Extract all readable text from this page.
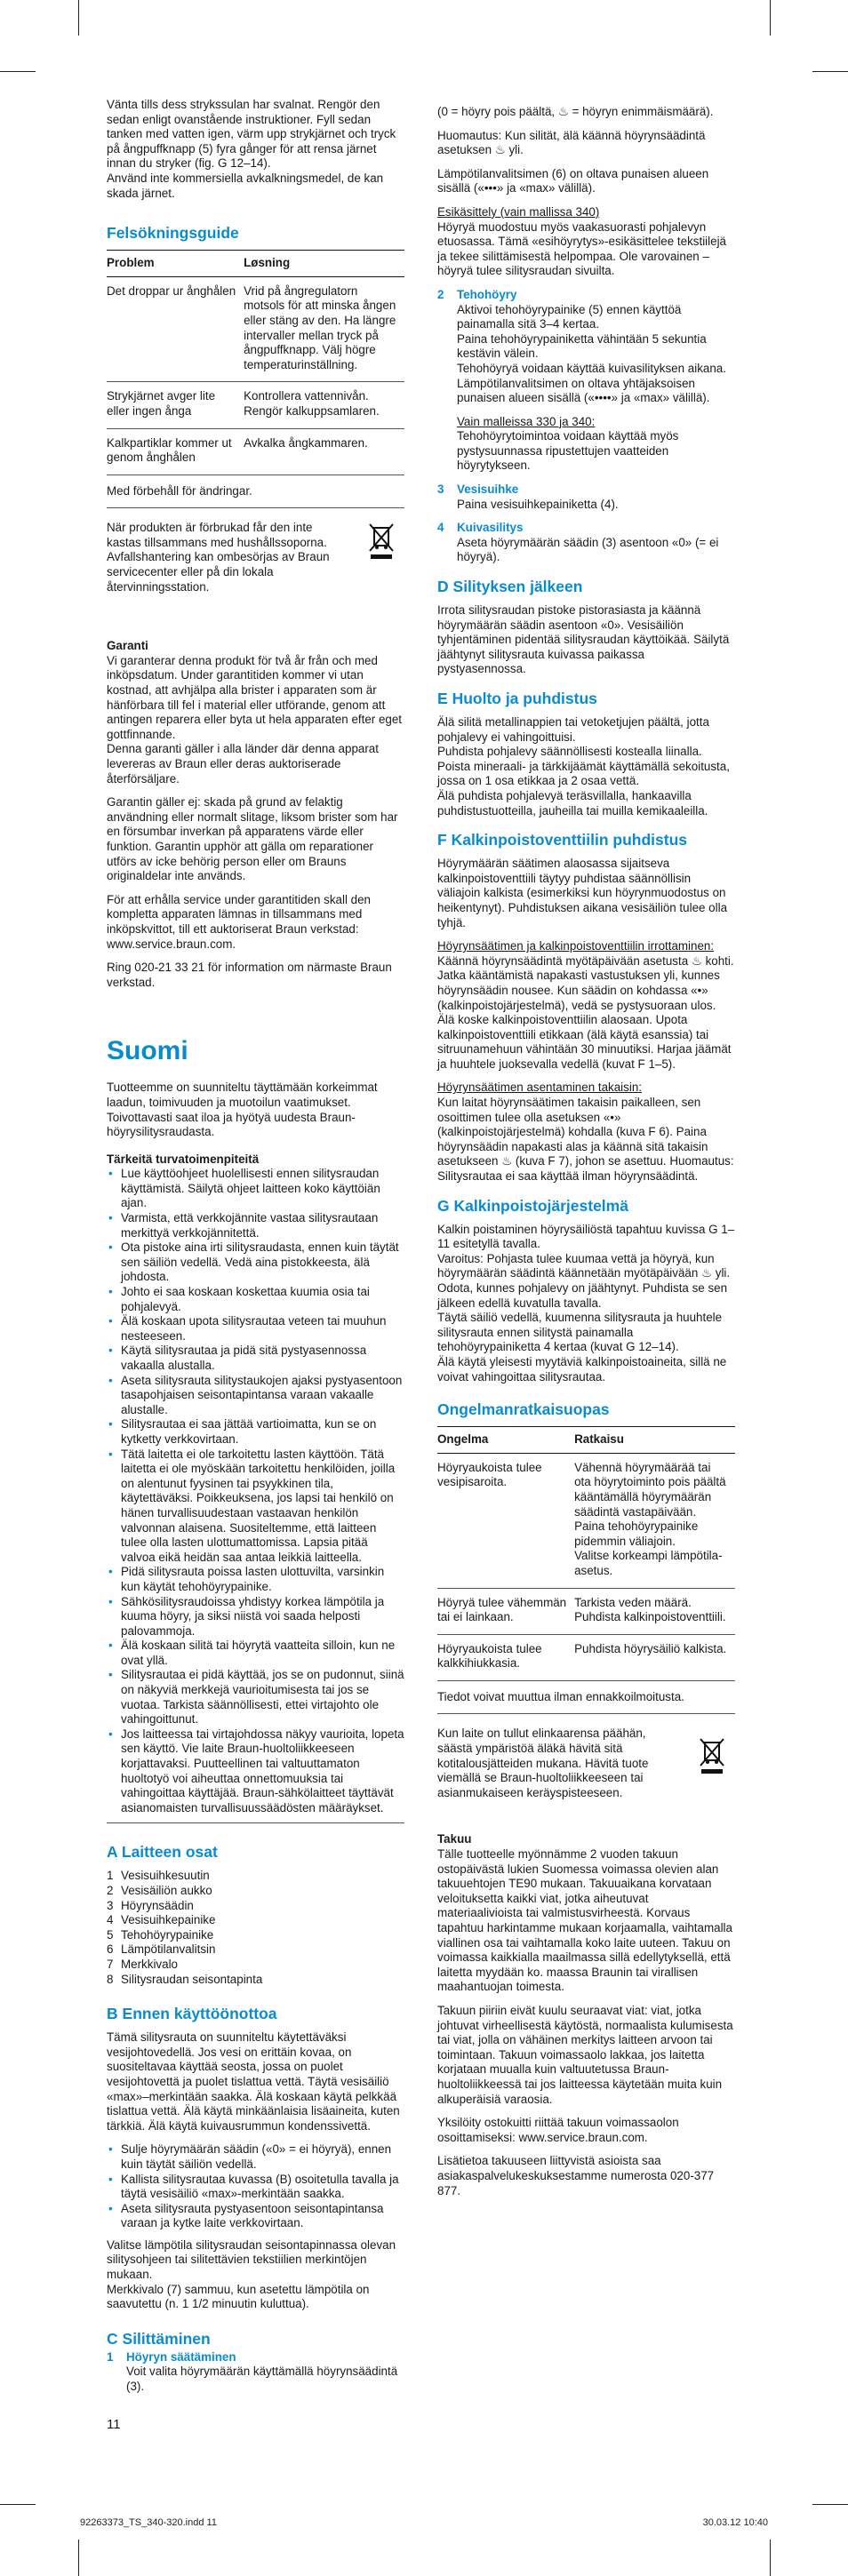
Vänta tills dess strykssulan har svalnat. Rengör den sedan enligt ovanstående instruktioner. Fyll sedan tanken med vatten igen, värm upp strykjärnet och tryck på ångpuffknapp (5) fyra gånger för att rensa järnet innan du stryker (fig. G 12–14).

Använd inte kommersiella avkalkningsmedel, de kan skada järnet.

Felsökningsguide
Problem	Løsning
Det droppar ur ånghålen	Vrid på ångregulatorn motsols för att minska ången eller stäng av den. Ha längre intervaller mellan tryck på ångpuffknapp. Välj högre temperaturinställning.
Strykjärnet avger lite eller ingen ånga	Kontrollera vattennivån. Rengör kalkuppsamlaren.
Kalkpartiklar kommer ut genom ånghålen	Avkalka ångkammaren.

Med förbehåll för ändringar.

När produkten är förbrukad får den inte kastas tillsammans med hushållssoporna. Avfallshantering kan ombesörjas av Braun servicecenter eller på din lokala återvinningsstation.

Garanti

Vi garanterar denna produkt för två år från och med inköpsdatum. Under garantitiden kommer vi utan kostnad, att avhjälpa alla brister i apparaten som är hänförbara till fel i material eller utförande, genom att antingen reparera eller byta ut hela apparaten efter eget gottfinnande.
Denna garanti gäller i alla länder där denna apparat levereras av Braun eller deras auktoriserade återförsäljare.

Garantin gäller ej: skada på grund av felaktig användning eller normalt slitage, liksom brister som har en försumbar inverkan på apparatens värde eller funktion. Garantin upphör att gälla om reparationer utförs av icke behörig person eller om Brauns originaldelar inte används.

För att erhålla service under garantitiden skall den kompletta apparaten lämnas in tillsammans med inköpskvittot, till ett auktoriserat Braun verkstad: www.service.braun.com.

Ring 020-21 33 21 för information om närmaste Braun verkstad.

Suomi

Tuotteemme on suunniteltu täyttämään korkeimmat laadun, toimivuuden ja muotoilun vaatimukset. Toivottavasti saat iloa ja hyötyä uudesta Braun-höyrysilitysraudasta.

Tärkeitä turvatoimenpiteitä
• Lue käyttöohjeet huolellisesti ennen silitysraudan käyttämistä. Säilytä ohjeet laitteen koko käyttöiän ajan.
• Varmista, että verkkojännite vastaa silitysrautaan merkittyä verkkojännitettä.
• Ota pistoke aina irti silitysraudasta, ennen kuin täytät sen säiliön vedellä. Vedä aina pistokkeesta, älä johdosta.
• Johto ei saa koskaan koskettaa kuumia osia tai pohjalevyä.
• Älä koskaan upota silitysrautaa veteen tai muuhun nesteeseen.
• Käytä silitysrautaa ja pidä sitä pystyasennossa vakaalla alustalla.
• Aseta silitysrauta silitystaukojen ajaksi pystyasentoon tasapohjaisen seisontapintansa varaan vakaalle alustalle.
• Silitysrautaa ei saa jättää vartioimatta, kun se on kytketty verkkovirtaan.
• Tätä laitetta ei ole tarkoitettu lasten käyttöön. Tätä laitetta ei ole myöskään tarkoitettu henkilöiden, joilla on alentunut fyysinen tai psyykkinen tila, käytettäväksi. Poikkeuksena, jos lapsi tai henkilö on hänen turvallisuudestaan vastaavan henkilön valvonnan alaisena. Suositeltemme, että laitteen tulee olla lasten ulottumattomissa. Lapsia pitää valvoa eikä heidän saa antaa leikkiä laitteella.
• Pidä silitysrauta poissa lasten ulottuvilta, varsinkin kun käytät tehohöyrypainike.
• Sähkösilitysraudoissa yhdistyy korkea lämpötila ja kuuma höyry, ja siksi niistä voi saada helposti palovammoja.
• Älä koskaan silitä tai höyrytä vaatteita silloin, kun ne ovat yllä.
• Silitysrautaa ei pidä käyttää, jos se on pudonnut, siinä on näkyviä merkkejä vaurioitumisesta tai jos se vuotaa. Tarkista säännöllisesti, ettei virtajohto ole vahingoittunut.
• Jos laitteessa tai virtajohdossa näkyy vaurioita, lopeta sen käyttö. Vie laite Braun-huoltoliikkeeseen korjattavaksi. Puutteellinen tai valtuuttamaton huoltotyö voi aiheuttaa onnettomuuksia tai vahingoittaa käyttäjää. Braun-sähkölaitteet täyttävät asianomaisten turvallisuussäädösten määräykset.
A Laitteen osat
1 Vesisuihkesuutin
2 Vesisäiliön aukko
3 Höyrynsäädin
4 Vesisuihkepainike
5 Tehohöyrypainike
6 Lämpötilanvalitsin
7 Merkkivalo
8 Silitysraudan seisontapinta
B Ennen käyttöönottoa

Tämä silitysrauta on suunniteltu käytettäväksi vesijohtovedellä. Jos vesi on erittäin kovaa, on suositeltavaa käyttää seosta, jossa on puolet vesijohtovettä ja puolet tislattua vettä. Täytä vesisäiliö «max»–merkintään saakka. Älä koskaan käytä pelkkää tislattua vettä. Älä käytä minkäänlaisia lisäaineita, kuten tärkkiä. Älä käytä kuivausrummun kondenssivettä.

• Sulje höyrymäärän säädin («0» = ei höyryä), ennen kuin täytät säiliön vedellä.
• Kallista silitysrautaa kuvassa (B) osoitetulla tavalla ja täytä vesisäiliö «max»-merkintään saakka.
• Aseta silitysrauta pystyasentoon seisontapintansa varaan ja kytke laite verkkovirtaan.

Valitse lämpötila silitysraudan seisontapinnassa olevan silitysohjeen tai silitettävien tekstiilien merkintöjen mukaan.
Merkkivalo (7) sammuu, kun asetettu lämpötila on saavutettu (n. 1 1/2 minuutin kuluttua).

C Silittäminen
1 Höyryn säätäminen

Voit valita höyrymäärän käyttämällä höyrynsäädintä (3).

11

(0 = höyry pois päältä, ♨ = höyryn enimmäismäärä).

Huomautus: Kun silität, älä käännä höyrynsäädintä asetuksen ♨ yli.

Lämpötilanvalitsimen (6) on oltava punaisen alueen sisällä («•••» ja «max» välillä).

Esikäsittely (vain mallissa 340)

Höyryä muodostuu myös vaakasuorasti pohjalevyn etuosassa. Tämä «esihöyrytys»-esikäsittelee tekstiilejä ja tekee silittämisestä helpompaa. Ole varovainen – höyryä tulee silitysraudan sivuilta.

2 Tehohöyry

Aktivoi tehohöyrypainike (5) ennen käyttöä painamalla sitä 3–4 kertaa.
Paina tehohöyrypainiketta vähintään 5 sekuntia kestävin välein.
Tehohöyryä voidaan käyttää kuivasilityksen aikana.
Lämpötilanvalitsimen on oltava yhtäjaksoisen punaisen alueen sisällä («••••» ja «max» välillä).

Vain malleissa 330 ja 340:

Tehohöyrytoimintoa voidaan käyttää myös pystysuunnassa ripustettujen vaatteiden höyrytykseen.

3 Vesisuihke

Paina vesisuihkepainiketta (4).

4 Kuivasilitys

Aseta höyrymäärän säädin (3) asentoon «0» (= ei höyryä).

D Silityksen jälkeen

Irrota silitysraudan pistoke pistorasiasta ja käännä höyrymäärän säädin asentoon «0». Vesisäiliön tyhjentäminen pidentää silitysraudan käyttöikää. Säilytä jäähtynyt silitysrauta kuivassa paikassa pystyasennossa.

E Huolto ja puhdistus

Älä silitä metallinappien tai vetoketjujen päältä, jotta pohjalevy ei vahingoittuisi.
Puhdista pohjalevy säännöllisesti kostealla liinalla. Poista mineraali- ja tärkkijäämät käyttämällä sekoitusta, jossa on 1 osa etikkaa ja 2 osaa vettä.
Älä puhdista pohjalevyä teräsvillalla, hankaavilla puhdistustuotteilla, jauheilla tai muilla kemikaaleilla.

F Kalkinpoistoventtiilin puhdistus

Höyrymäärän säätimen alaosassa sijaitseva kalkinpoistoventtiili täytyy puhdistaa säännöllisin väliajoin kalkista (esimerkiksi kun höyrynmuodostus on heikentynyt). Puhdistuksen aikana vesisäiliön tulee olla tyhjä.

Höyrynsäätimen ja kalkinpoistoventtiilin irrottaminen:

Käännä höyrynsäädintä myötäpäivään asetusta ♨ kohti. Jatka kääntämistä napakasti vastustuksen yli, kunnes höyrynsäädin nousee. Kun säädin on kohdassa «•» (kalkinpoistojärjestelmä), vedä se pystysuoraan ulos. Älä koske kalkinpoistoventtiilin alaosaan. Upota kalkinpoistoventtiili etikkaan (älä käytä esanssia) tai sitruunamehuun vähintään 30 minuutiksi. Harjaa jäämät ja huuhtele juoksevalla vedellä (kuvat F 1–5).

Höyrynsäätimen asentaminen takaisin:

Kun laitat höyrynsäätimen takaisin paikalleen, sen osoittimen tulee olla asetuksen «•» (kalkinpoistojärjestelmä) kohdalla (kuva F 6). Paina höyrynsäädin napakasti alas ja käännä sitä takaisin asetukseen ♨ (kuva F 7), johon se asettuu. Huomautus: Silitysrautaa ei saa käyttää ilman höyrynsäädintä.

G Kalkinpoistojärjestelmä

Kalkin poistaminen höyrysäiliöstä tapahtuu kuvissa G 1–11 esitetyllä tavalla.
Varoitus: Pohjasta tulee kuumaa vettä ja höyryä, kun höyrymäärän säädintä käännetään myötäpäivään ♨ yli.
Odota, kunnes pohjalevy on jäähtynyt. Puhdista se sen jälkeen edellä kuvatulla tavalla.
Täytä säiliö vedellä, kuumenna silitysrauta ja huuhtele silitysrauta ennen silitystä painamalla tehohöyrypainiketta 4 kertaa (kuvat G 12–14).
Älä käytä yleisesti myytäviä kalkinpoistoaineita, sillä ne voivat vahingoittaa silitysrautaa.

Ongelmanratkaisuopas
Ongelma	Ratkaisu
Höyryaukoista tulee vesipisaroita.	Vähennä höyrymäärää tai ota höyrytoiminto pois päältä kääntämällä höyrymäärän säädintä vastapäivään.
Paina tehohöyrypainike pidemmin väliajoin.
Valitse korkeampi lämpötila-asetus.
Höyryä tulee vähemmän tai ei lainkaan.	Tarkista veden määrä. Puhdista kalkinpoistoventtiili.
Höyryaukoista tulee kalkkihiukkasia.	Puhdista höyrysäiliö kalkista.

Tiedot voivat muuttua ilman ennakkoilmoitusta.

Kun laite on tullut elinkaarensa päähän, säästä ympäristöä äläkä hävitä sitä kotitalousjätteiden mukana. Hävitä tuote viemällä se Braun-huoltoliikkeeseen tai asianmukaiseen keräyspisteeseen.

Takuu

Tälle tuotteelle myönnämme 2 vuoden takuun ostopäivästä lukien Suomessa voimassa olevien alan takuuehtojen TE90 mukaan. Takuuaikana korvataan veloituksetta kaikki viat, jotka aiheutuvat materiaalivioista tai valmistusvirheestä. Korvaus tapahtuu harkintamme mukaan korjaamalla, vaihtamalla viallinen osa tai vaihtamalla koko laite uuteen. Takuu on voimassa kaikkialla maailmassa sillä edellytyksellä, että laitetta myydään ko. maassa Braunin tai virallisen maahantuojan toimesta.

Takuun piiriin eivät kuulu seuraavat viat: viat, jotka johtuvat virheellisestä käytöstä, normaalista kulumisesta tai viat, jolla on vähäinen merkitys laitteen arvoon tai toimintaan. Takuun voimassaolo lakkaa, jos laitetta korjataan muualla kuin valtuutetussa Braun-huoltoliikkeessä tai jos laitteessa käytetään muita kuin alkuperäisiä varaosia.

Yksilöity ostokuitti riittää takuun voimassaolon osoittamiseksi: www.service.braun.com.

Lisätietoa takuuseen liittyvistä asioista saa asiakaspalvelukeskuksestamme numerosta 020-377 877.

92263373_TS_340-320.indd 11	30.03.12 10:40
